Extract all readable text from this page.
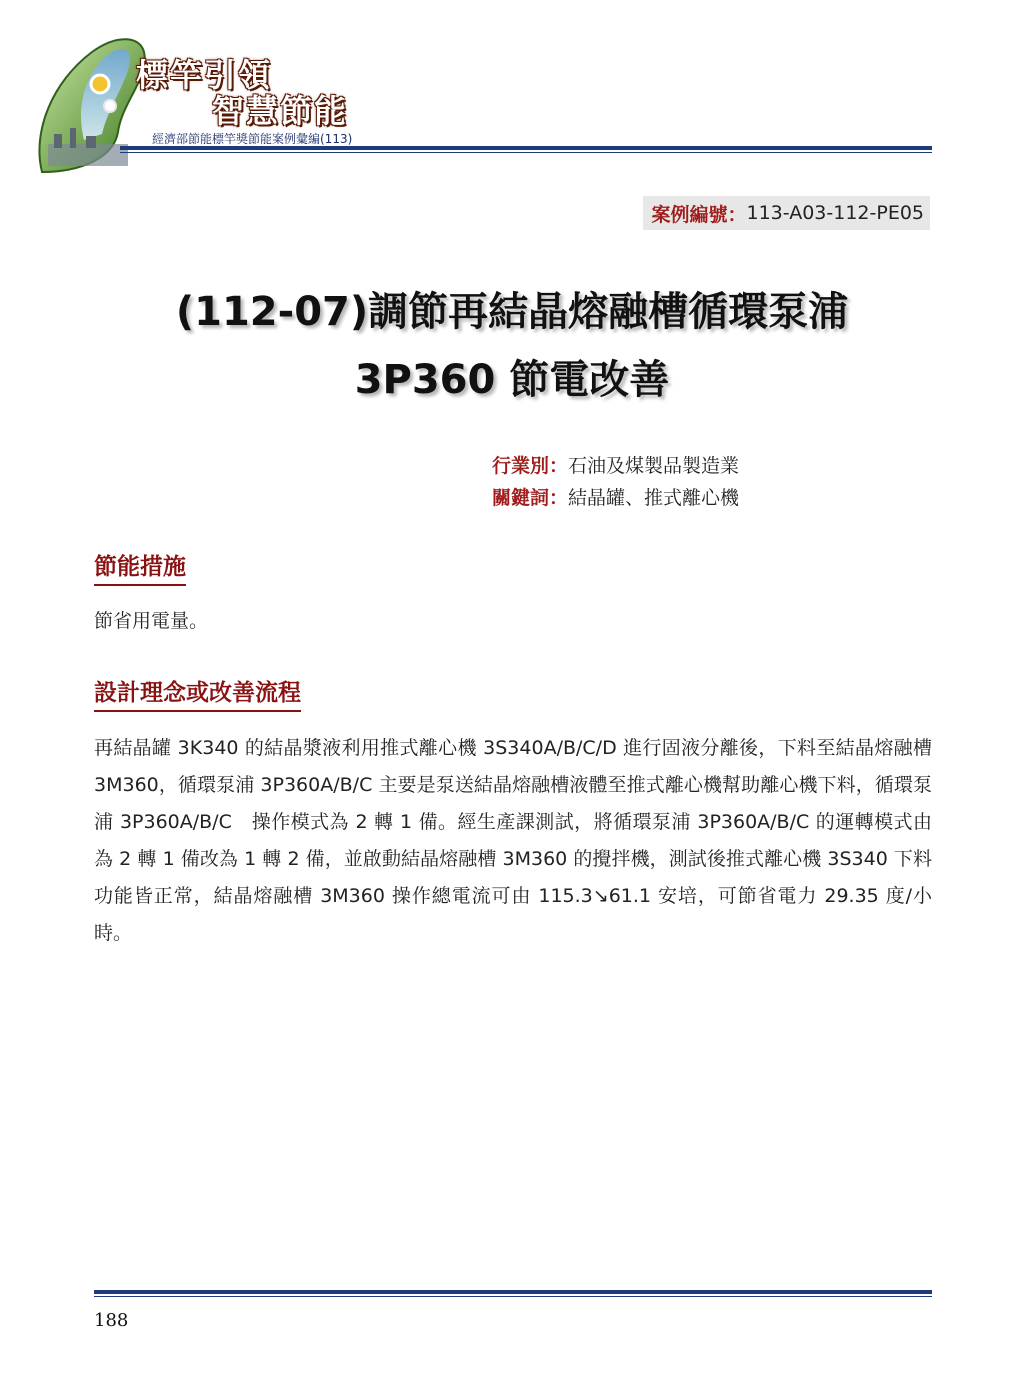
標竿引領
智慧節能
經濟部節能標竿獎節能案例彙編(113)
案例編號： 113-A03-112-PE05
(112-07)調節再結晶熔融槽循環泵浦
3P360 節電改善
行業別：石油及煤製品製造業
關鍵詞：結晶罐、推式離心機
節能措施
節省用電量。
設計理念或改善流程
再結晶罐 3K340 的結晶漿液利用推式離心機 3S340A/B/C/D 進行固液分離後，下料至結晶熔融槽 3M360，循環泵浦 3P360A/B/C 主要是泵送結晶熔融槽液體至推式離心機幫助離心機下料，循環泵浦 3P360A/B/C　操作模式為 2 轉 1 備。經生產課測試，將循環泵浦 3P360A/B/C 的運轉模式由為 2 轉 1 備改為 1 轉 2 備，並啟動結晶熔融槽 3M360 的攪拌機，測試後推式離心機 3S340 下料功能皆正常，結晶熔融槽 3M360 操作總電流可由 115.3↘61.1 安培，可節省電力 29.35 度/小時。
188
